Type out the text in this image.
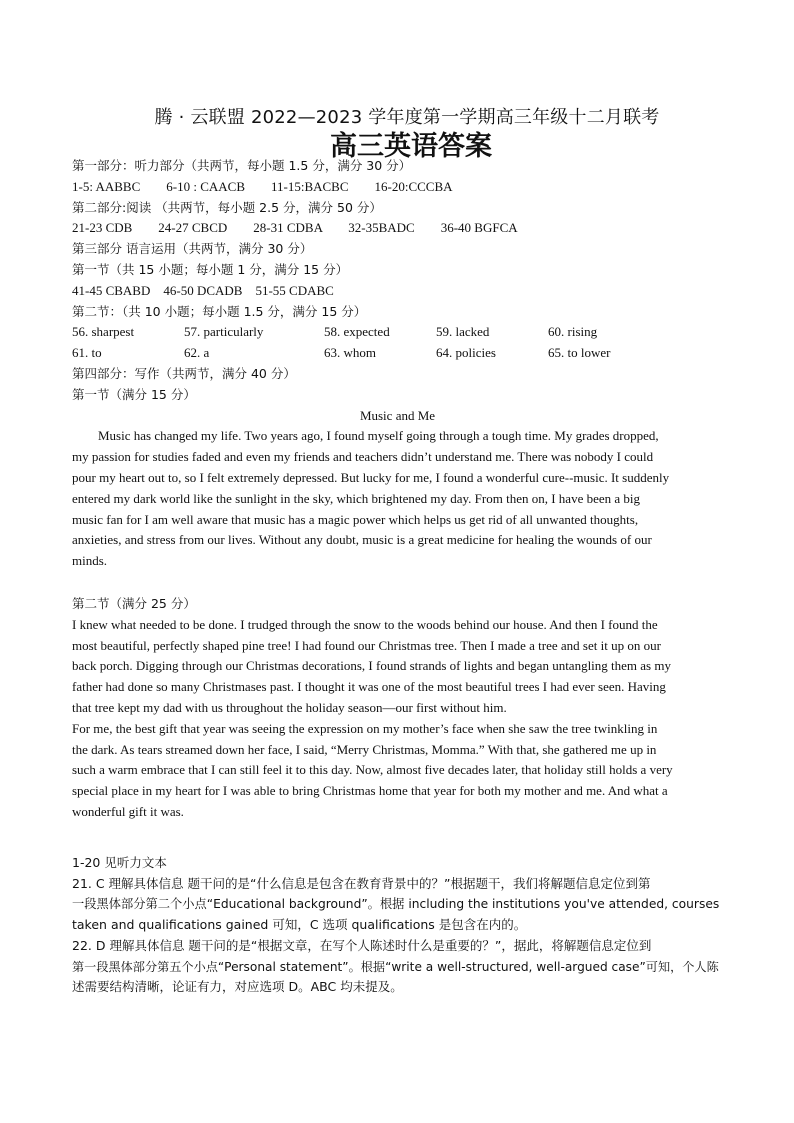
腾 · 云联盟 2022—2023 学年度第一学期高三年级十二月联考
高三英语答案
第一部分：听力部分（共两节，每小题 1.5 分，满分 30 分）
1-5: AABBC        6-10 : CAACB        11-15:BACBC        16-20:CCCBA
第二部分:阅读 （共两节，每小题 2.5 分，满分 50 分）
21-23 CDB        24-27 CBCD        28-31 CDBA        32-35BADC        36-40 BGFCA
第三部分 语言运用（共两节，满分 30 分）
第一节（共 15 小题；每小题 1 分，满分 15 分）
41-45 CBABD    46-50 DCADB    51-55 CDABC
第二节：（共 10 小题；每小题 1.5 分，满分 15 分）
56. sharpest	57. particularly	58. expected	59. lacked	60. rising
61. to	62. a	63. whom	64. policies	65. to lower
第四部分：写作（共两节，满分 40 分）
第一节（满分 15 分）
Music and Me
Music has changed my life. Two years ago, I found myself going through a tough time. My grades dropped,
my passion for studies faded and even my friends and teachers didn’t understand me. There was nobody I could
pour my heart out to, so I felt extremely depressed. But lucky for me, I found a wonderful cure--music. It suddenly
entered my dark world like the sunlight in the sky, which brightened my day. From then on, I have been a big
music fan for I am well aware that music has a magic power which helps us get rid of all unwanted thoughts,
anxieties, and stress from our lives. Without any doubt, music is a great medicine for healing the wounds of our
minds.
第二节（满分 25 分）
I knew what needed to be done. I trudged through the snow to the woods behind our house. And then I found the
most beautiful, perfectly shaped pine tree! I had found our Christmas tree. Then I made a tree and set it up on our
back porch. Digging through our Christmas decorations, I found strands of lights and began untangling them as my
father had done so many Christmases past. I thought it was one of the most beautiful trees I had ever seen. Having
that tree kept my dad with us throughout the holiday season—our first without him.
For me, the best gift that year was seeing the expression on my mother’s face when she saw the tree twinkling in
the dark. As tears streamed down her face, I said, “Merry Christmas, Momma.” With that, she gathered me up in
such a warm embrace that I can still feel it to this day. Now, almost five decades later, that holiday still holds a very
special place in my heart for I was able to bring Christmas home that year for both my mother and me. And what a
wonderful gift it was.
1-20 见听力文本
21. C 理解具体信息 题干问的是“什么信息是包含在教育背景中的？”根据题干，我们将解题信息定位到第
一段黑体部分第二个小点“Educational background”。根据 including the institutions you've attended, courses
taken and qualifications gained 可知，C 选项 qualifications 是包含在内的。
22. D 理解具体信息 题干问的是“根据文章，在写个人陈述时什么是重要的？”，据此，将解题信息定位到
第一段黑体部分第五个小点“Personal statement”。根据“write a well-structured, well-argued case”可知，个人陈
述需要结构清晰，论证有力，对应选项 D。ABC 均未提及。
